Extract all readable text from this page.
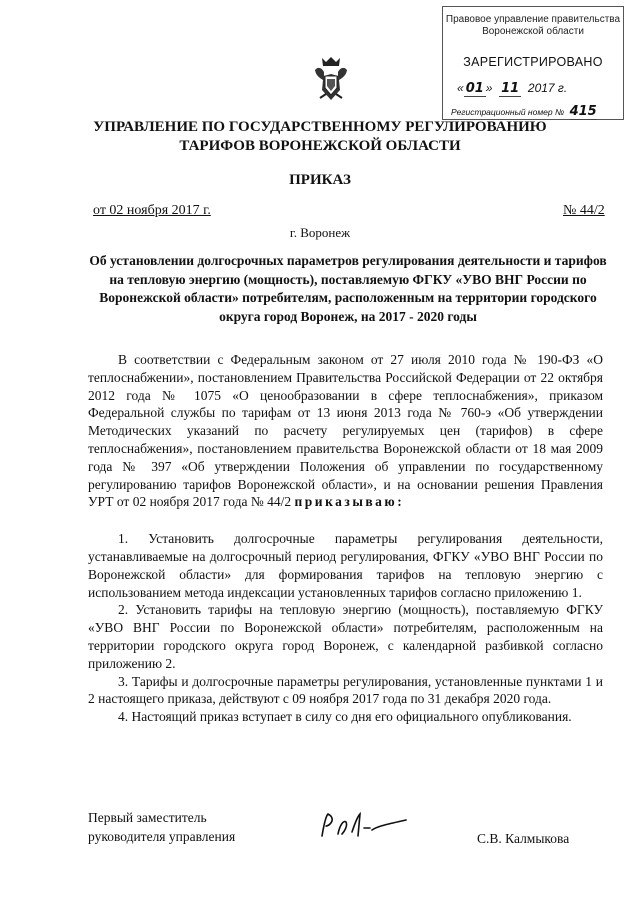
Правовое управление правительства
Воронежской области
ЗАРЕГИСТРИРОВАНО
« 01 »  11 2017 г.
Регистрационный номер № 415
УПРАВЛЕНИЕ ПО ГОСУДАРСТВЕННОМУ РЕГУЛИРОВАНИЮ
ТАРИФОВ ВОРОНЕЖСКОЙ ОБЛАСТИ
ПРИКАЗ
от 02 ноября 2017 г.	№ 44/2
г. Воронеж
Об установлении долгосрочных параметров регулирования деятельности и тарифов на тепловую энергию (мощность), поставляемую ФГКУ «УВО ВНГ России по Воронежской области» потребителям, расположенным на территории городского округа город Воронеж, на 2017 - 2020 годы

В соответствии с Федеральным законом от 27 июля 2010 года № 190-ФЗ «О теплоснабжении», постановлением Правительства Российской Федерации от 22 октября 2012 года № 1075 «О ценообразовании в сфере теплоснабжения», приказом Федеральной службы по тарифам от 13 июня 2013 года № 760-э «Об утверждении Методических указаний по расчету регулируемых цен (тарифов) в сфере теплоснабжения», постановлением правительства Воронежской области от 18 мая 2009 года № 397 «Об утверждении Положения об управлении по государственному регулированию тарифов Воронежской области», и на основании решения Правления УРТ от 02 ноября 2017 года № 44/2 приказываю:

1. Установить долгосрочные параметры регулирования деятельности, устанавливаемые на долгосрочный период регулирования, ФГКУ «УВО ВНГ России по Воронежской области» для формирования тарифов на тепловую энергию с использованием метода индексации установленных тарифов согласно приложению 1.

2. Установить тарифы на тепловую энергию (мощность), поставляемую ФГКУ «УВО ВНГ России по Воронежской области» потребителям, расположенным на территории городского округа город Воронеж, с календарной разбивкой согласно приложению 2.

3. Тарифы и долгосрочные параметры регулирования, установленные пунктами 1 и 2 настоящего приказа, действуют с 09 ноября 2017 года по 31 декабря 2020 года.

4. Настоящий приказ вступает в силу со дня его официального опубликования.

Первый заместитель
руководителя управления	С.В. Калмыкова
